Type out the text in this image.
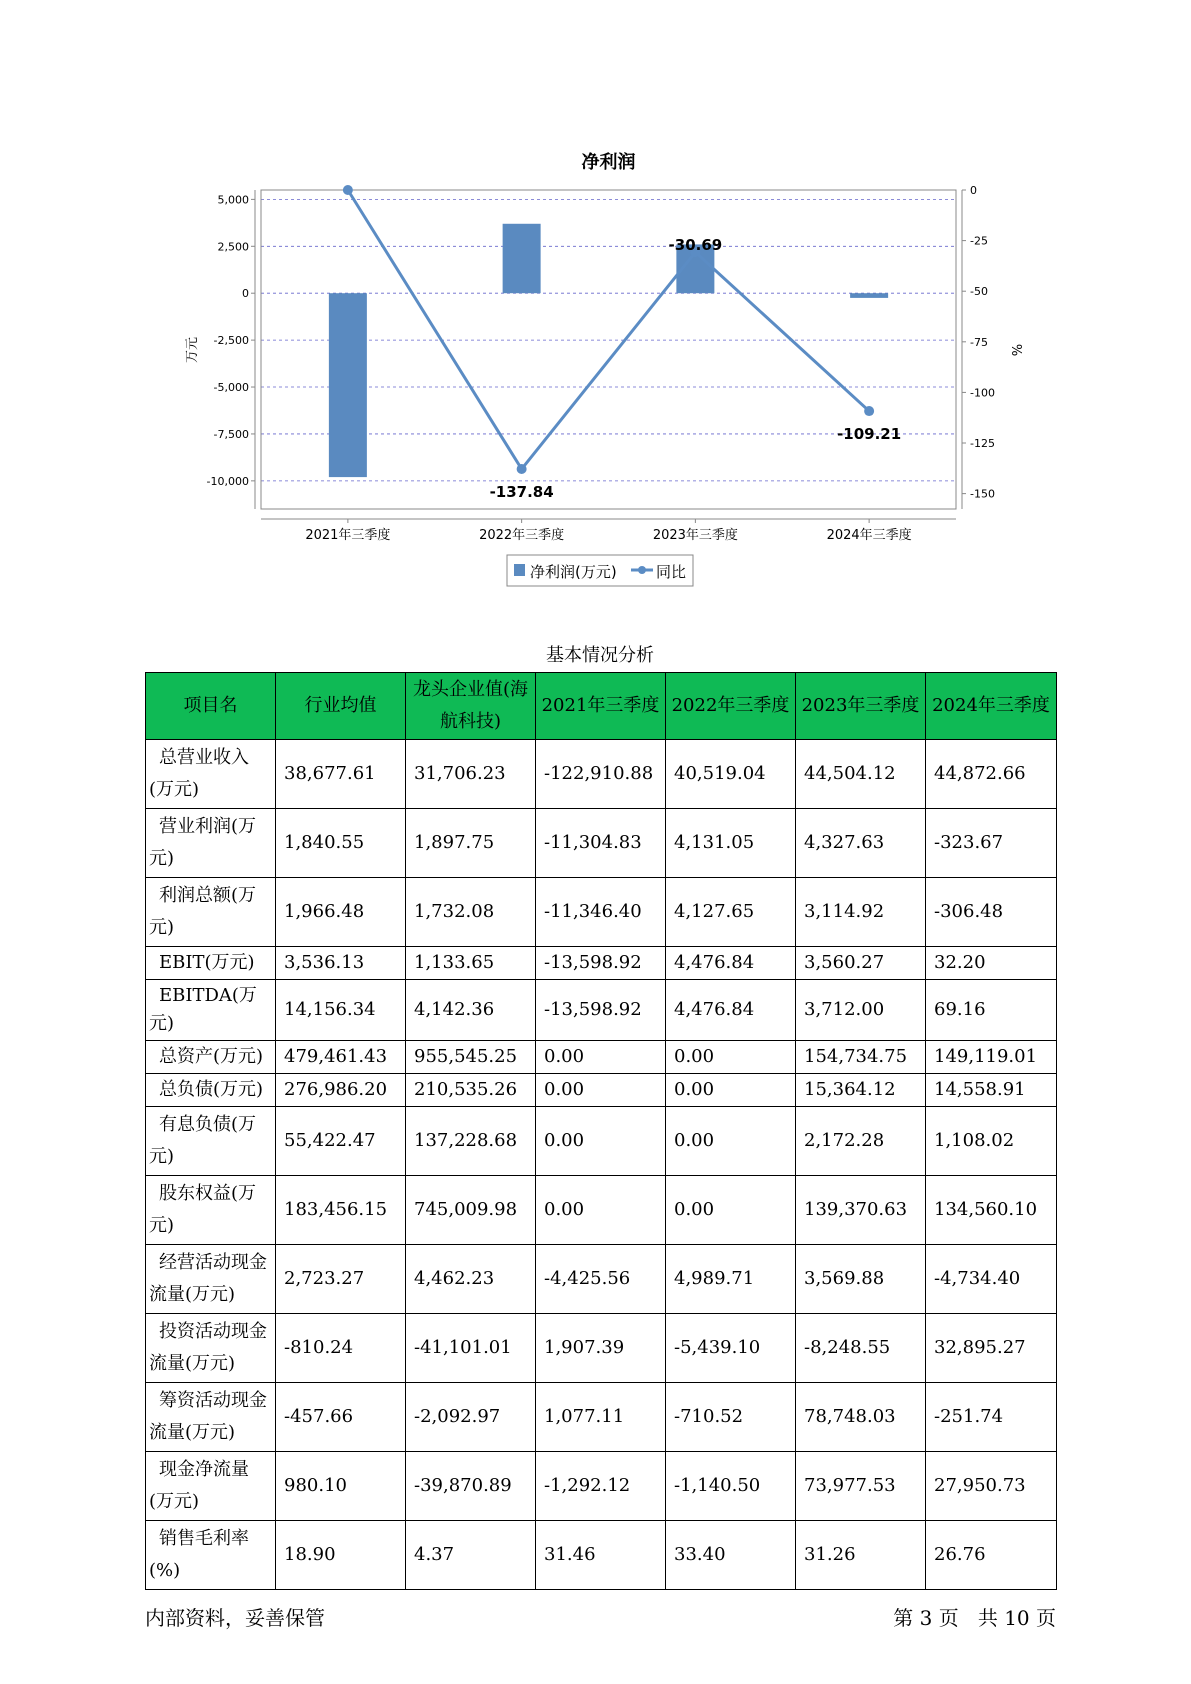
净利润
5,000
2,500
0
-2,500
-5,000
-7,500
-10,000
0
-25
-50
-75
-100
-125
-150
万元	%
2021年三季度	2022年三季度	2023年三季度	2024年三季度
-137.84
-30.69
-109.21
净利润(万元)	同比
基本情况分析
项目名	行业均值	龙头企业值(海航科技)	2021年三季度	2022年三季度	2023年三季度	2024年三季度
总营业收入(万元)	38,677.61	31,706.23	-122,910.88	40,519.04	44,504.12	44,872.66
营业利润(万元)	1,840.55	1,897.75	-11,304.83	4,131.05	4,327.63	-323.67
利润总额(万元)	1,966.48	1,732.08	-11,346.40	4,127.65	3,114.92	-306.48
EBIT(万元)	3,536.13	1,133.65	-13,598.92	4,476.84	3,560.27	32.20
EBITDA(万元)	14,156.34	4,142.36	-13,598.92	4,476.84	3,712.00	69.16
总资产(万元)	479,461.43	955,545.25	0.00	0.00	154,734.75	149,119.01
总负债(万元)	276,986.20	210,535.26	0.00	0.00	15,364.12	14,558.91
有息负债(万元)	55,422.47	137,228.68	0.00	0.00	2,172.28	1,108.02
股东权益(万元)	183,456.15	745,009.98	0.00	0.00	139,370.63	134,560.10
经营活动现金流量(万元)	2,723.27	4,462.23	-4,425.56	4,989.71	3,569.88	-4,734.40
投资活动现金流量(万元)	-810.24	-41,101.01	1,907.39	-5,439.10	-8,248.55	32,895.27
筹资活动现金流量(万元)	-457.66	-2,092.97	1,077.11	-710.52	78,748.03	-251.74
现金净流量(万元)	980.10	-39,870.89	-1,292.12	-1,140.50	73,977.53	27,950.73
销售毛利率(%)	18.90	4.37	31.46	33.40	31.26	26.76
内部资料，妥善保管	第 3 页   共 10 页
